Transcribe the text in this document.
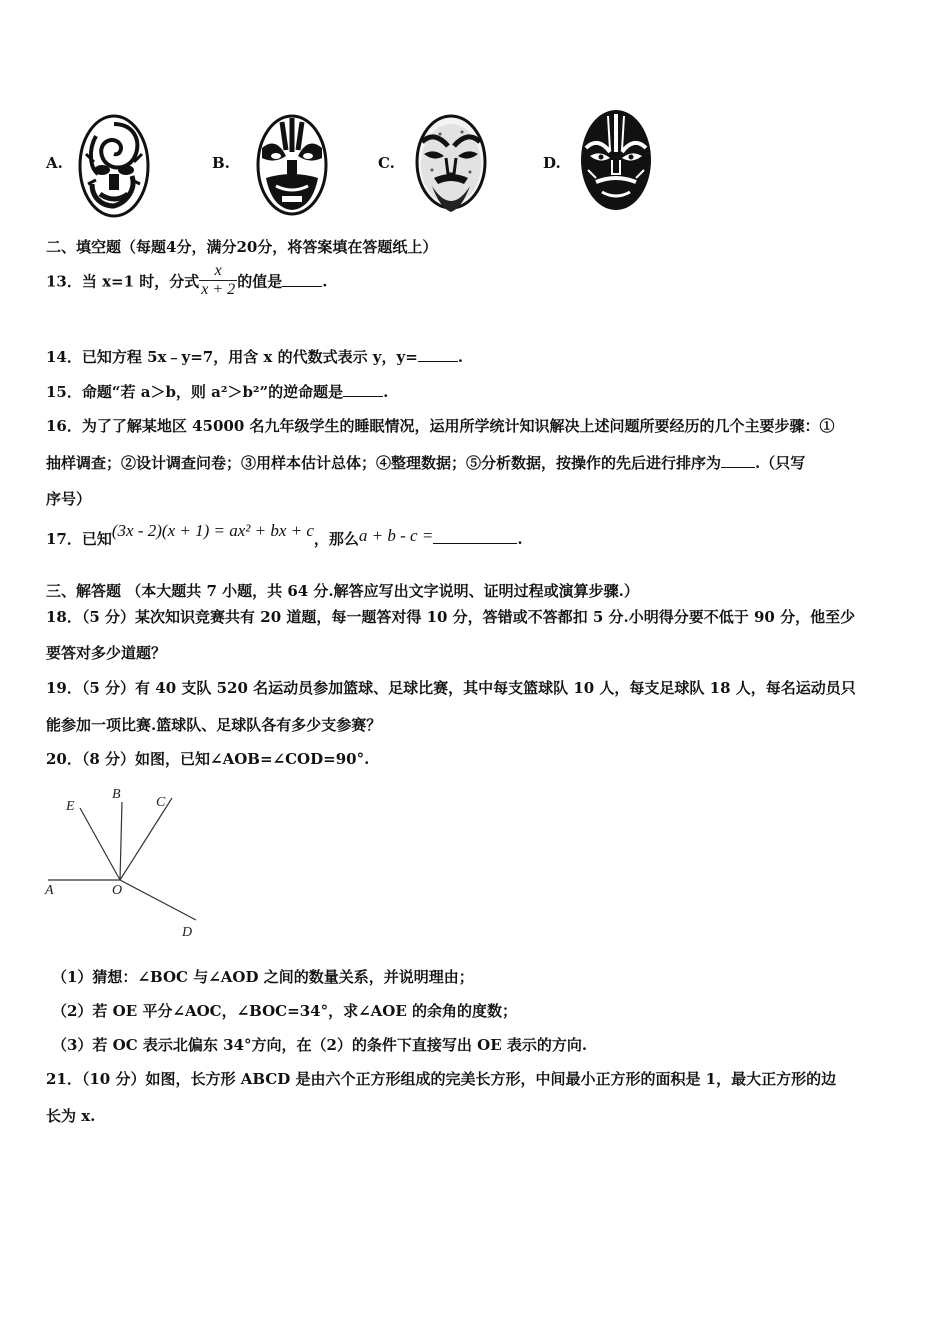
A.	B.	C.	D.
二、填空题（每题4分，满分20分，将答案填在答题纸上）
13．当 x=1 时，分式 $\frac{x}{x + 2}$ 的值是	.
14．已知方程 5x﹣y=7，用含 x 的代数式表示 y，y=	.
15．命题“若 a＞b，则 a²＞b²”的逆命题是	.
16．为了了解某地区 45000 名九年级学生的睡眠情况，运用所学统计知识解决上述问题所要经历的几个主要步骤：①
抽样调查；②设计调查问卷；③用样本估计总体；④整理数据；⑤分析数据，按操作的先后进行排序为 .（只写
序号）
17．已知(3x - 2)(x + 1) = ax² + bx + c，那么a + b - c =	.
三、解答题 （本大题共 7 小题，共 64 分.解答应写出文字说明、证明过程或演算步骤.）
18．（5 分）某次知识竞赛共有 20 道题，每一题答对得 10 分，答错或不答都扣 5 分.小明得分要不低于 90 分，他至少
要答对多少道题？
19．（5 分）有 40 支队 520 名运动员参加篮球、足球比赛，其中每支篮球队 10 人，每支足球队 18 人，每名运动员只
能参加一项比赛.篮球队、足球队各有多少支参赛？
20．（8 分）如图，已知∠AOB=∠COD=90°.
A
B
C
D
E
O
（1）猜想：∠BOC 与∠AOD 之间的数量关系，并说明理由；
（2）若 OE 平分∠AOC，∠BOC=34°，求∠AOE 的余角的度数；
（3）若 OC 表示北偏东 34°方向，在（2）的条件下直接写出 OE 表示的方向.
21．（10 分）如图，长方形 ABCD 是由六个正方形组成的完美长方形，中间最小正方形的面积是 1，最大正方形的边
长为 x.
